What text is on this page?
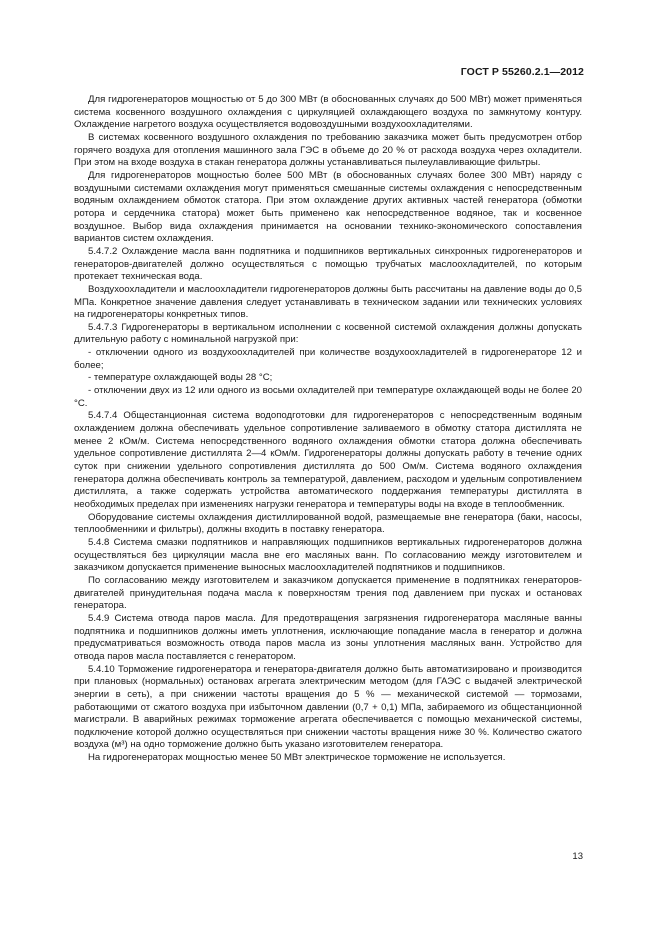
ГОСТ Р 55260.2.1—2012

Для гидрогенераторов мощностью от 5 до 300 МВт (в обоснованных случаях до 500 МВт) может применяться система косвенного воздушного охлаждения с циркуляцией охлаждающего воздуха по замкнутому контуру. Охлаждение нагретого воздуха осуществляется водовоздушными воздухоохладителями.

В системах косвенного воздушного охлаждения по требованию заказчика может быть предусмотрен отбор горячего воздуха для отопления машинного зала ГЭС в объеме до 20 % от расхода воздуха через охладители. При этом на входе воздуха в стакан генератора должны устанавливаться пылеулавливающие фильтры.

Для гидрогенераторов мощностью более 500 МВт (в обоснованных случаях более 300 МВт) наряду с воздушными системами охлаждения могут применяться смешанные системы охлаждения с непосредственным водяным охлаждением обмоток статора. При этом охлаждение других активных частей генератора (обмотки ротора и сердечника статора) может быть применено как непосредственное водяное, так и косвенное воздушное. Выбор вида охлаждения принимается на основании технико-экономического сопоставления вариантов систем охлаждения.

5.4.7.2 Охлаждение масла ванн подпятника и подшипников вертикальных синхронных гидрогенераторов и генераторов-двигателей должно осуществляться с помощью трубчатых маслоохладителей, по которым протекает техническая вода.

Воздухоохладители и маслоохладители гидрогенераторов должны быть рассчитаны на давление воды до 0,5 МПа. Конкретное значение давления следует устанавливать в техническом задании или технических условиях на гидрогенераторы конкретных типов.

5.4.7.3 Гидрогенераторы в вертикальном исполнении с косвенной системой охлаждения должны допускать длительную работу с номинальной нагрузкой при:

- отключении одного из воздухоохладителей при количестве воздухоохладителей в гидрогенераторе 12 и более;

- температуре охлаждающей воды 28 °С;

- отключении двух из 12 или одного из восьми охладителей при температуре охлаждающей воды не более 20 °С.

5.4.7.4 Общестанционная система водоподготовки для гидрогенераторов с непосредственным водяным охлаждением должна обеспечивать удельное сопротивление заливаемого в обмотку статора дистиллята не менее 2 кОм/м. Система непосредственного водяного охлаждения обмотки статора должна обеспечивать удельное сопротивление дистиллята 2—4 кОм/м. Гидрогенераторы должны допускать работу в течение одних суток при снижении удельного сопротивления дистиллята до 500 Ом/м. Система водяного охлаждения генератора должна обеспечивать контроль за температурой, давлением, расходом и удельным сопротивлением дистиллята, а также содержать устройства автоматического поддержания температуры дистиллята в необходимых пределах при изменениях нагрузки генератора и температуры воды на входе в теплообменник.

Оборудование системы охлаждения дистиллированной водой, размещаемые вне генератора (баки, насосы, теплообменники и фильтры), должны входить в поставку генератора.

5.4.8 Система смазки подпятников и направляющих подшипников вертикальных гидрогенераторов должна осуществляться без циркуляции масла вне его масляных ванн. По согласованию между изготовителем и заказчиком допускается применение выносных маслоохладителей подпятников и подшипников.

По согласованию между изготовителем и заказчиком допускается применение в подпятниках генераторов-двигателей принудительная подача масла к поверхностям трения под давлением при пусках и остановах генератора.

5.4.9 Система отвода паров масла. Для предотвращения загрязнения гидрогенератора масляные ванны подпятника и подшипников должны иметь уплотнения, исключающие попадание масла в генератор и должна предусматриваться возможность отвода паров масла из зоны уплотнения масляных ванн. Устройство для отвода паров масла поставляется с генератором.

5.4.10 Торможение гидрогенератора и генератора-двигателя должно быть автоматизировано и производится при плановых (нормальных) остановах агрегата электрическим методом (для ГАЭС с выдачей электрической энергии в сеть), а при снижении частоты вращения до 5 % — механической системой — тормозами, работающими от сжатого воздуха при избыточном давлении (0,7 + 0,1) МПа, забираемого из общестанционной магистрали. В аварийных режимах торможение агрегата обеспечивается с помощью механической системы, подключение которой должно осуществляться при снижении частоты вращения ниже 30 %. Количество сжатого воздуха (м³) на одно торможение должно быть указано изготовителем генератора.

На гидрогенераторах мощностью менее 50 МВт электрическое торможение не используется.

13
